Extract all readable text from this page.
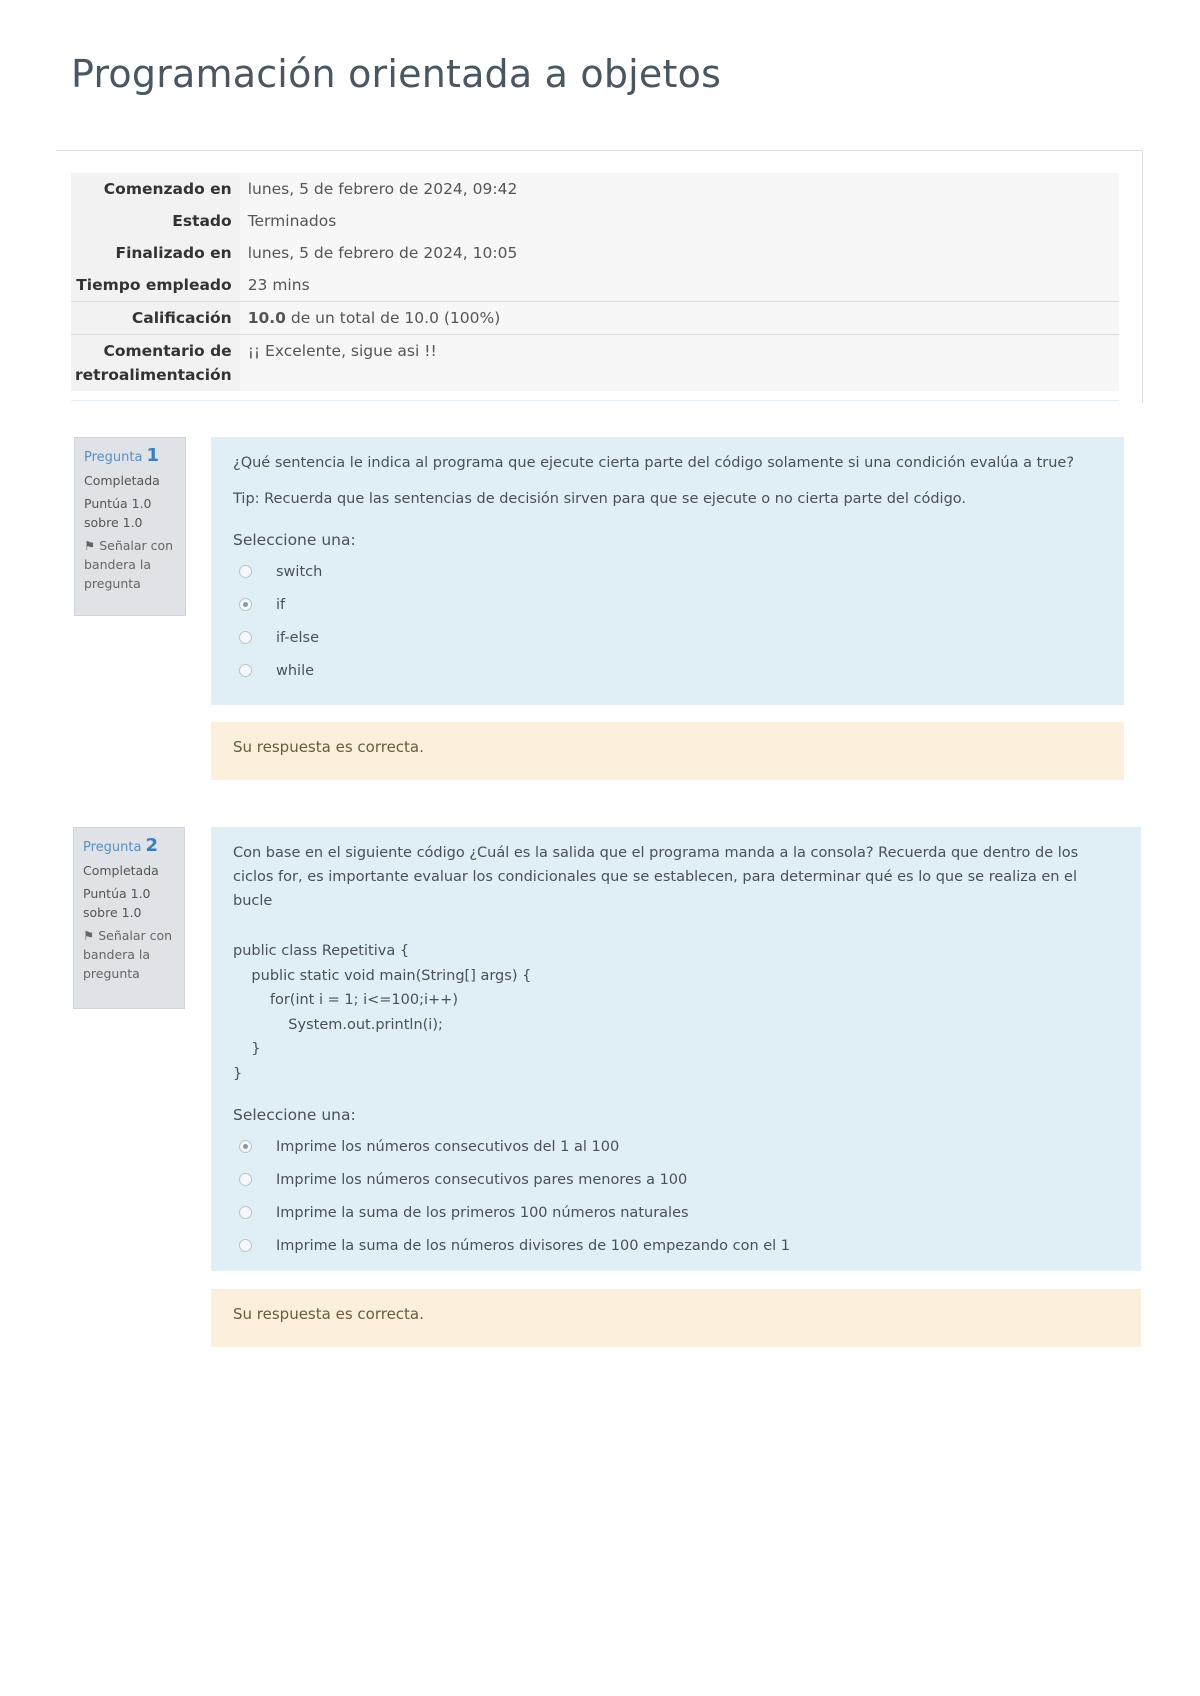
Programación orientada a objetos
Comenzado en	lunes, 5 de febrero de 2024, 09:42
Estado	Terminados
Finalizado en	lunes, 5 de febrero de 2024, 10:05
Tiempo empleado	23 mins
Calificación	10.0 de un total de 10.0 (100%)
Comentario de retroalimentación	¡¡ Excelente, sigue asi !!
Pregunta 1
Completada
Puntúa 1.0 sobre 1.0
⚑ Señalar con bandera la pregunta

¿Qué sentencia le indica al programa que ejecute cierta parte del código solamente si una condición evalúa a true?

Tip: Recuerda que las sentencias de decisión sirven para que se ejecute o no cierta parte del código.

Seleccione una:
switch
if
if-else
while
Su respuesta es correcta.
Pregunta 2
Completada
Puntúa 1.0 sobre 1.0
⚑ Señalar con bandera la pregunta

Con base en el siguiente código ¿Cuál es la salida que el programa manda a la consola? Recuerda que dentro de los ciclos for, es importante evaluar los condicionales que se establecen, para determinar qué es lo que se realiza en el bucle

public class Repetitiva {
public static void main(String[] args) {
for(int i = 1; i<=100;i++)
System.out.println(i);
}
}
Seleccione una:
Imprime los números consecutivos del 1 al 100
Imprime los números consecutivos pares menores a 100
Imprime la suma de los primeros 100 números naturales
Imprime la suma de los números divisores de 100 empezando con el 1
Su respuesta es correcta.
